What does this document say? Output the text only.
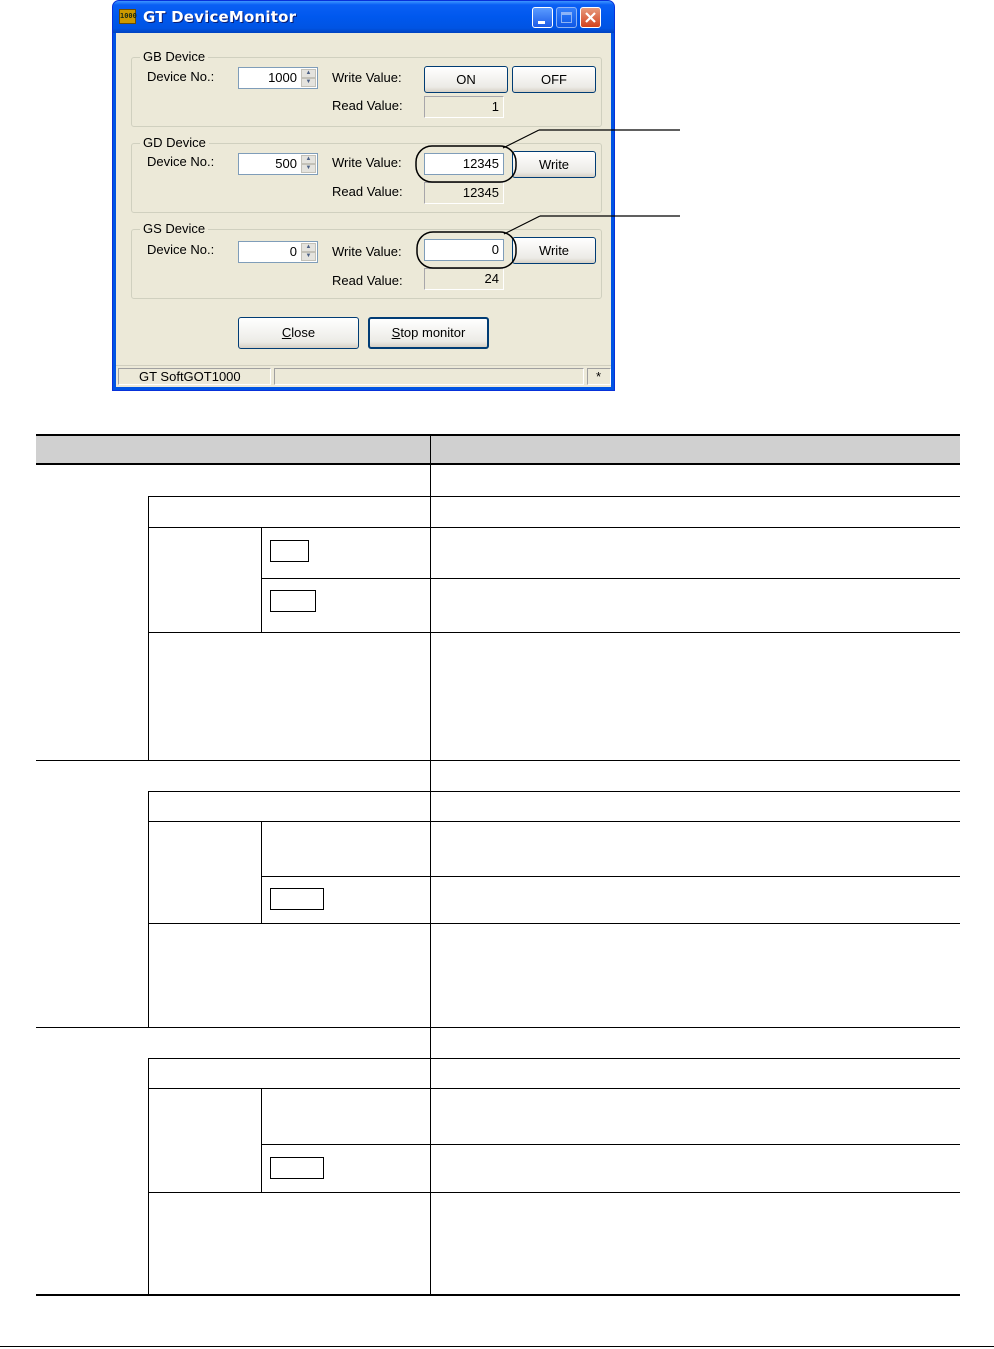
1000 GT DeviceMonitor
GB Device
Device No.:	1000	▲
▼	Write Value:	ON	OFF
Read Value:	1
GD Device
Device No.:	500	▲
▼	Write Value:	12345	Write
Read Value:	12345
GS Device
Device No.:	0	▲
▼	Write Value:	0	Write
Read Value:	24
Close	Stop monitor
GT SoftGOT1000	*
